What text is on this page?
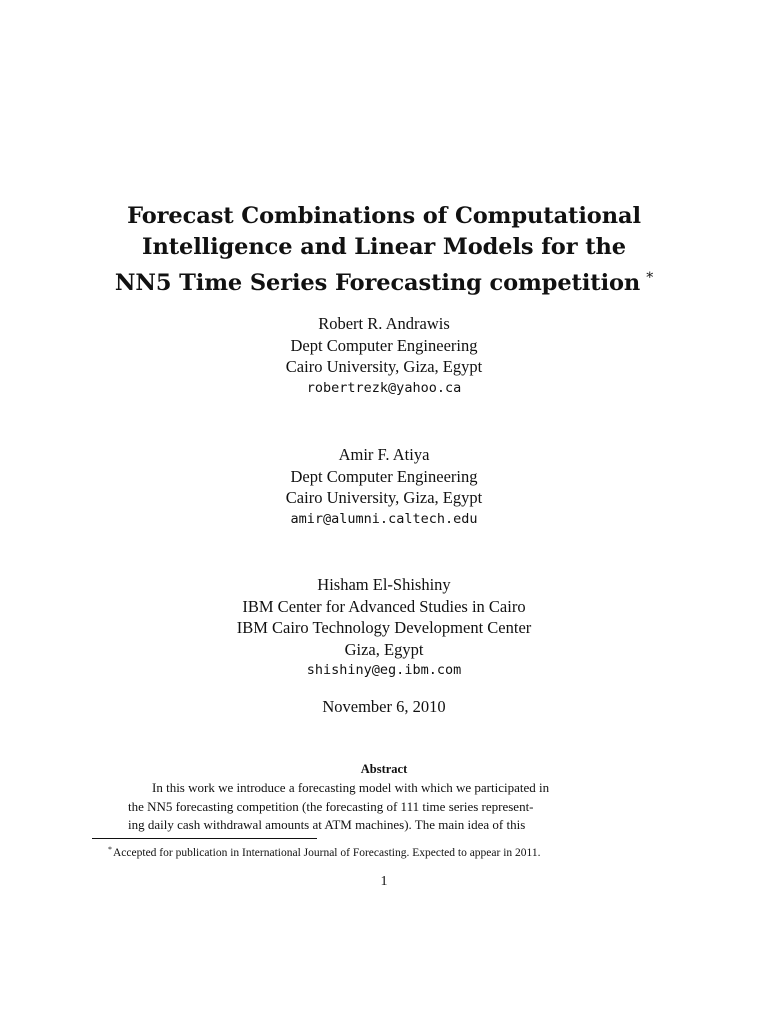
Forecast Combinations of Computational
Intelligence and Linear Models for the
NN5 Time Series Forecasting competition *
Robert R. Andrawis
Dept Computer Engineering
Cairo University, Giza, Egypt
robertrezk@yahoo.ca
Amir F. Atiya
Dept Computer Engineering
Cairo University, Giza, Egypt
amir@alumni.caltech.edu
Hisham El-Shishiny
IBM Center for Advanced Studies in Cairo
IBM Cairo Technology Development Center
Giza, Egypt
shishiny@eg.ibm.com
November 6, 2010
Abstract
In this work we introduce a forecasting model with which we participated in
the NN5 forecasting competition (the forecasting of 111 time series represent-
ing daily cash withdrawal amounts at ATM machines). The main idea of this
*Accepted for publication in International Journal of Forecasting. Expected to appear in 2011.
1
